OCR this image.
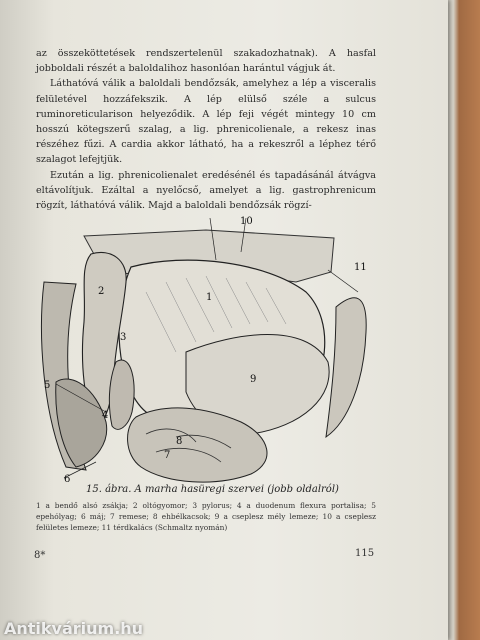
az összeköttetések rendszertelenül szakadozhatnak). A hasfal jobboldali részét a baloldalihoz hasonlóan harántul vágjuk át.

Láthatóvá válik a baloldali bendőzsák, amelyhez a lép a visceralis felületével hozzáfekszik. A lép elülső széle a sulcus ruminoreticularison helyeződik. A lép feji végét mintegy 10 cm hosszú kötegszerű szalag, a lig. phrenicolienale, a rekesz inas részéhez fűzi. A cardia akkor látható, ha a rekeszről a léphez térő szalagot lefejtjük.

Ezután a lig. phrenicolienalet eredésénél és tapadásánál átvágva eltávolítjuk. Ezáltal a nyelőcső, amelyet a lig. gastrophrenicum rögzít, láthatóvá válik. Majd a baloldali bendőzsák rögzí-

1
2
3
4
5
6
7
8
9
10
11
15. ábra. A marha hasüregi szervei (jobb oldalról)
1 a bendő alsó zsákja; 2 oltógyomor; 3 pylorus; 4 a duodenum flexura portalisa; 5 epehólyag; 6 máj; 7 remese; 8 ehbélkacsok; 9 a cseplesz mély lemeze; 10 a cseplesz felületes lemeze; 11 térdkalács (Schmaltz nyomán)
8*	115
Antikvárium.hu
